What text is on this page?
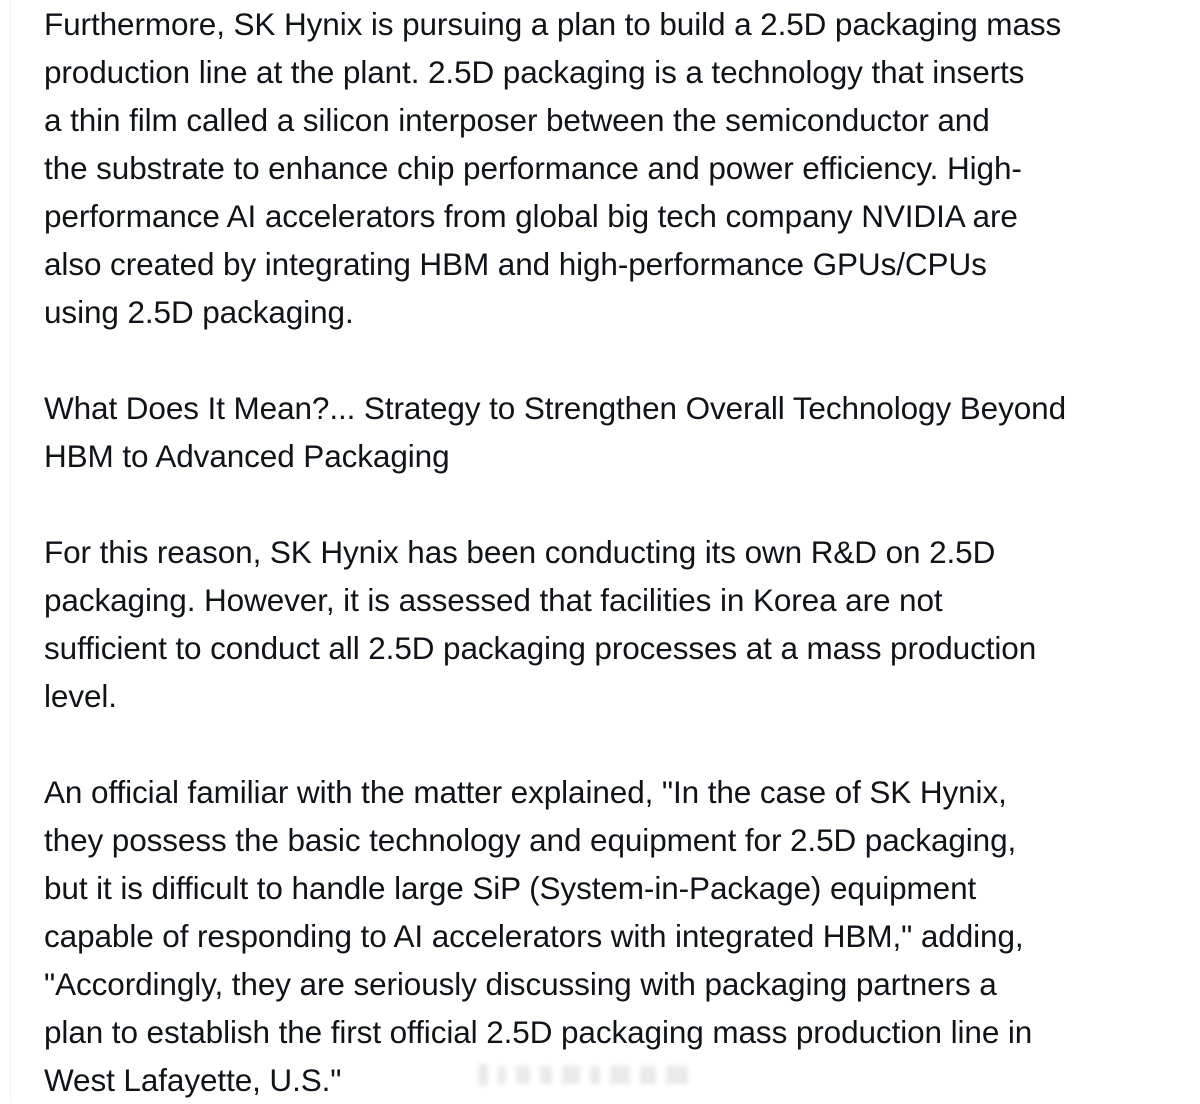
Furthermore, SK Hynix is pursuing a plan to build a 2.5D packaging mass
production line at the plant. 2.5D packaging is a technology that inserts
a thin film called a silicon interposer between the semiconductor and
the substrate to enhance chip performance and power efficiency. High-
performance AI accelerators from global big tech company NVIDIA are
also created by integrating HBM and high-performance GPUs/CPUs
using 2.5D packaging.

What Does It Mean?... Strategy to Strengthen Overall Technology Beyond
HBM to Advanced Packaging

For this reason, SK Hynix has been conducting its own R&D on 2.5D
packaging. However, it is assessed that facilities in Korea are not
sufficient to conduct all 2.5D packaging processes at a mass production
level.

An official familiar with the matter explained, "In the case of SK Hynix,
they possess the basic technology and equipment for 2.5D packaging,
but it is difficult to handle large SiP (System-in-Package) equipment
capable of responding to AI accelerators with integrated HBM," adding,
"Accordingly, they are seriously discussing with packaging partners a
plan to establish the first official 2.5D packaging mass production line in
West Lafayette, U.S."
